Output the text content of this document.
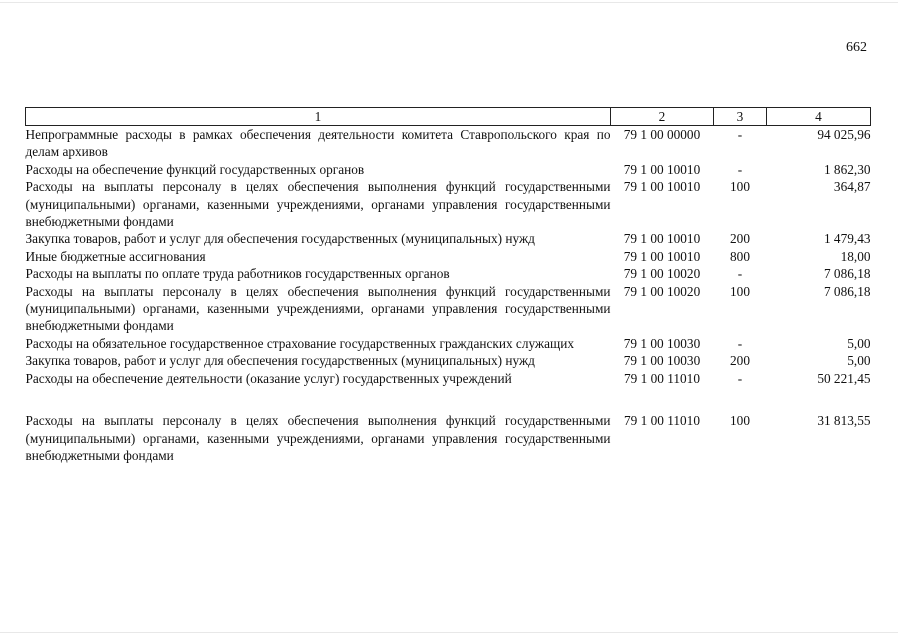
662
1	2	3	4
Непрограммные расходы в рамках обеспечения деятельности комитета Ставропольского края по делам архивов	79 1 00 00000	-	94 025,96
Расходы на обеспечение функций государственных органов	79 1 00 10010	-	1 862,30
Расходы на выплаты персоналу в целях обеспечения выполнения функций государственными (муниципальными) органами, казенными учреждениями, органами управления государственными внебюджетными фондами	79 1 00 10010	100	364,87
Закупка товаров, работ и услуг для обеспечения государственных (муниципальных) нужд	79 1 00 10010	200	1 479,43
Иные бюджетные ассигнования	79 1 00 10010	800	18,00
Расходы на выплаты по оплате труда работников государственных органов	79 1 00 10020	-	7 086,18
Расходы на выплаты персоналу в целях обеспечения выполнения функций государственными (муниципальными) органами, казенными учреждениями, органами управления государственными внебюджетными фондами	79 1 00 10020	100	7 086,18
Расходы на обязательное государственное страхование государственных гражданских служащих	79 1 00 10030	-	5,00
Закупка товаров, работ и услуг для обеспечения государственных (муниципальных) нужд	79 1 00 10030	200	5,00
Расходы на обеспечение деятельности (оказание услуг) государственных учреждений	79 1 00 11010	-	50 221,45
Расходы на выплаты персоналу в целях обеспечения выполнения функций государственными (муниципальными) органами, казенными учреждениями, органами управления государственными внебюджетными фондами	79 1 00 11010	100	31 813,55
